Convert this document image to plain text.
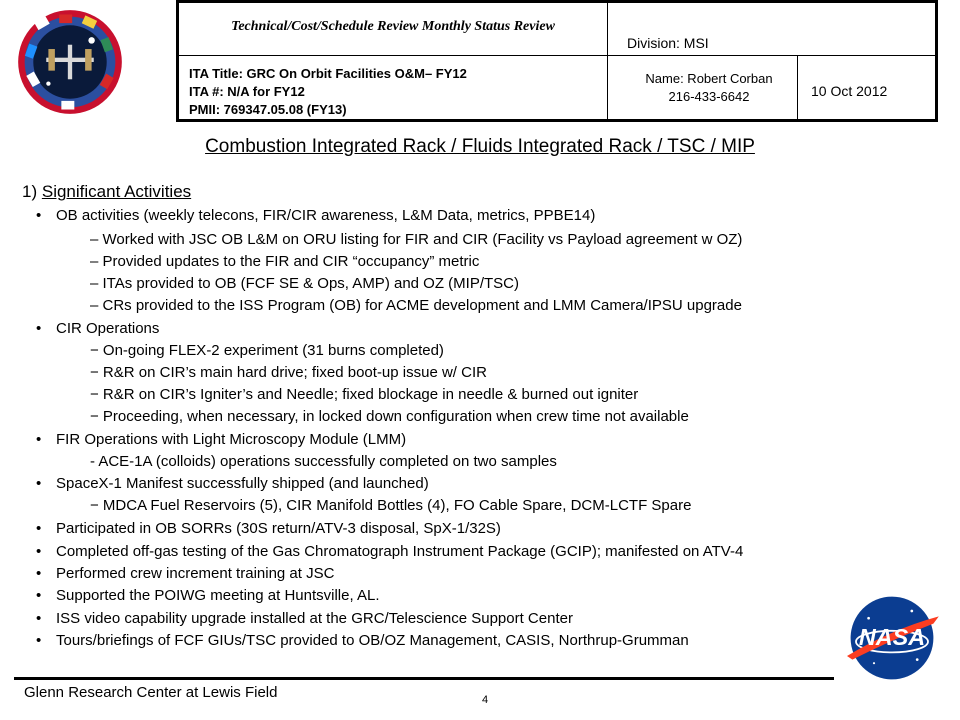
Technical/Cost/Schedule Review Monthly Status Review
Division: MSI
ITA Title: GRC On Orbit Facilities O&M– FY12
ITA #: N/A for FY12
PMII: 769347.05.08 (FY13)
Name: Robert Corban
216-433-6642	10 Oct 2012
Combustion Integrated Rack / Fluids Integrated Rack / TSC / MIP
1) Significant Activities
• OB activities (weekly telecons, FIR/CIR awareness, L&M Data, metrics, PPBE14)
– Worked with JSC OB L&M on ORU listing for FIR and CIR (Facility vs Payload agreement w OZ)
– Provided updates to the FIR and CIR “occupancy” metric
– ITAs provided to OB (FCF SE & Ops, AMP) and OZ (MIP/TSC)
– CRs provided to the ISS Program (OB) for ACME development and LMM Camera/IPSU upgrade
• CIR Operations
− On-going FLEX-2 experiment (31 burns completed)
− R&R on CIR’s main hard drive; fixed boot-up issue w/ CIR
− R&R on CIR’s Igniter’s and Needle; fixed blockage in needle & burned out igniter
− Proceeding, when necessary, in locked down configuration when crew time not available
• FIR Operations with Light Microscopy Module (LMM)
- ACE-1A (colloids) operations successfully completed on two samples
• SpaceX-1 Manifest successfully shipped (and launched)
− MDCA Fuel Reservoirs (5), CIR Manifold Bottles (4), FO Cable Spare, DCM-LCTF Spare
• Participated in OB SORRs (30S return/ATV-3 disposal, SpX-1/32S)
• Completed off-gas testing of the Gas Chromatograph Instrument Package (GCIP); manifested on ATV-4
• Performed crew increment training at JSC
• Supported the POIWG meeting at Huntsville, AL.
• ISS video capability upgrade installed at the GRC/Telescience Support Center
• Tours/briefings of FCF GIUs/TSC provided to OB/OZ Management, CASIS, Northrup-Grumman	NASA
Glenn Research Center at Lewis Field	4
